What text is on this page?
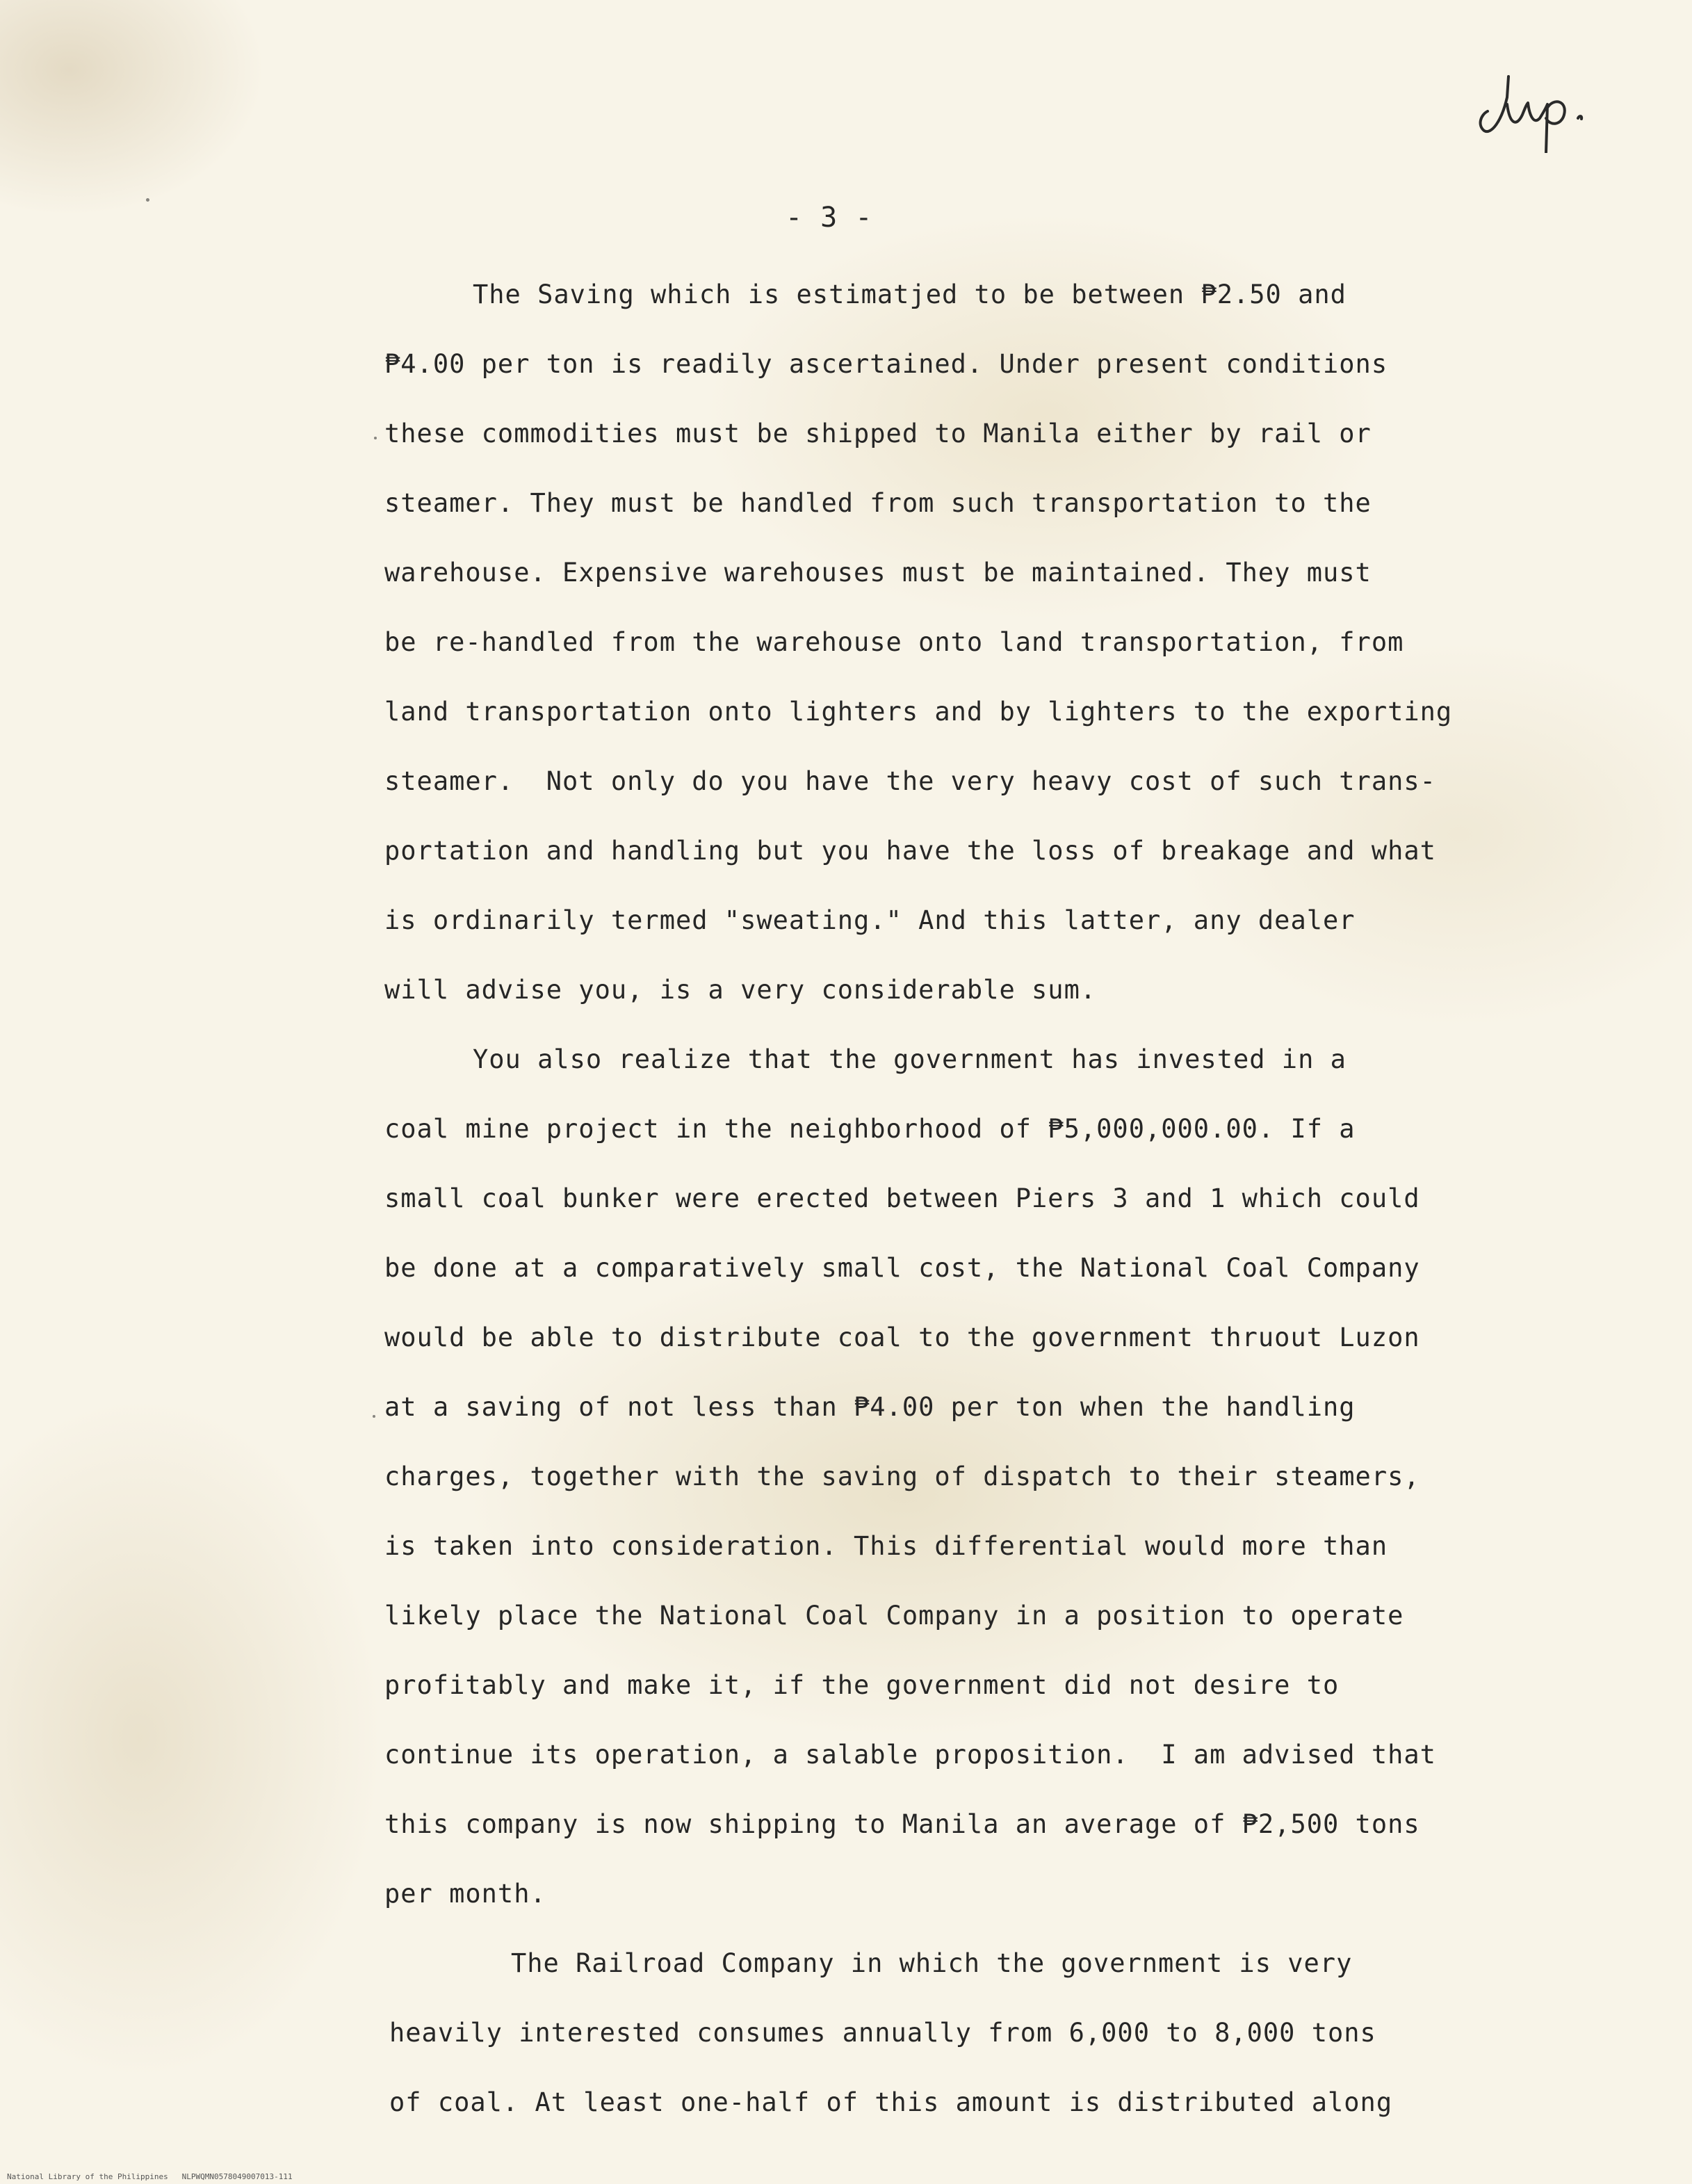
- 3 -
The Saving which is estimatjed to be between ₱2.50 and
₱4.00 per ton is readily ascertained. Under present conditions
these commodities must be shipped to Manila either by rail or
steamer. They must be handled from such transportation to the
warehouse. Expensive warehouses must be maintained. They must
be re-handled from the warehouse onto land transportation, from
land transportation onto lighters and by lighters to the exporting
steamer.  Not only do you have the very heavy cost of such trans-
portation and handling but you have the loss of breakage and what
is ordinarily termed "sweating." And this latter, any dealer
will advise you, is a very considerable sum.
You also realize that the government has invested in a
coal mine project in the neighborhood of ₱5,000,000.00. If a
small coal bunker were erected between Piers 3 and 1 which could
be done at a comparatively small cost, the National Coal Company
would be able to distribute coal to the government thruout Luzon
at a saving of not less than ₱4.00 per ton when the handling
charges, together with the saving of dispatch to their steamers,
is taken into consideration. This differential would more than
likely place the National Coal Company in a position to operate
profitably and make it, if the government did not desire to
continue its operation, a salable proposition.  I am advised that
this company is now shipping to Manila an average of ₱2,500 tons
per month.
The Railroad Company in which the government is very
heavily interested consumes annually from 6,000 to 8,000 tons
of coal. At least one-half of this amount is distributed along
National Library of the Philippines   NLPWQMN0578049007013-111
